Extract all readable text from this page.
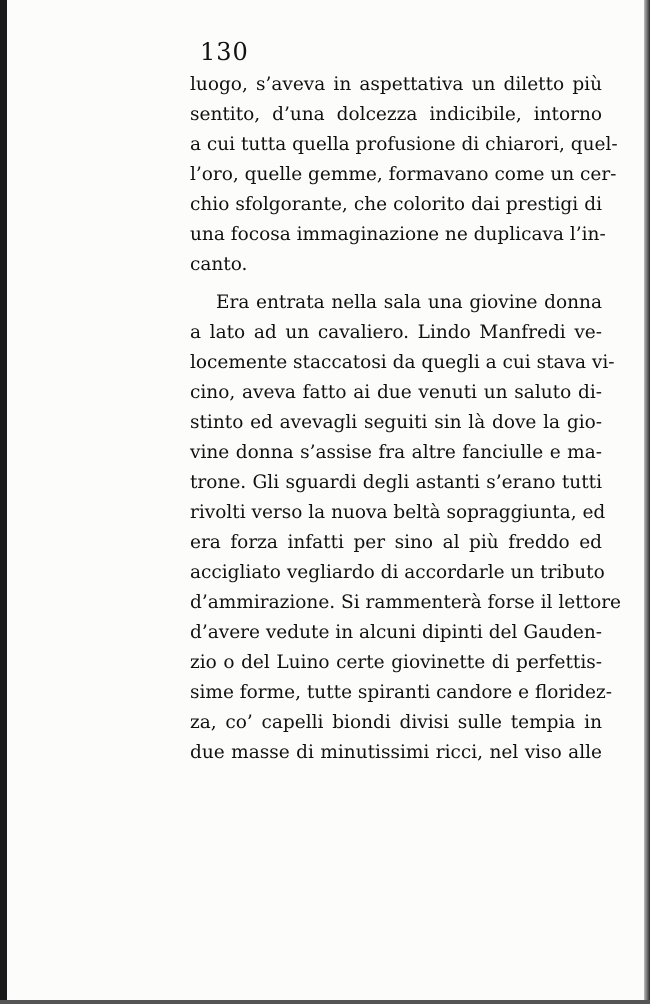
130
luogo, s’aveva in aspettativa un diletto più
sentito, d’una dolcezza indicibile, intorno
a cui tutta quella profusione di chiarori, quel-
l’oro, quelle gemme, formavano come un cer-
chio sfolgorante, che colorito dai prestigi di
una focosa immaginazione ne duplicava l’in-
canto.
Era entrata nella sala una giovine donna
a lato ad un cavaliero. Lindo Manfredi ve-
locemente staccatosi da quegli a cui stava vi-
cino, aveva fatto ai due venuti un saluto di-
stinto ed avevagli seguiti sin là dove la gio-
vine donna s’assise fra altre fanciulle e ma-
trone. Gli sguardi degli astanti s’erano tutti
rivolti verso la nuova beltà sopraggiunta, ed
era forza infatti per sino al più freddo ed
accigliato vegliardo di accordarle un tributo
d’ammirazione. Si rammenterà forse il lettore
d’avere vedute in alcuni dipinti del Gauden-
zio o del Luino certe giovinette di perfettis-
sime forme, tutte spiranti candore e floridez-
za, co’ capelli biondi divisi sulle tempia in
due masse di minutissimi ricci, nel viso alle
